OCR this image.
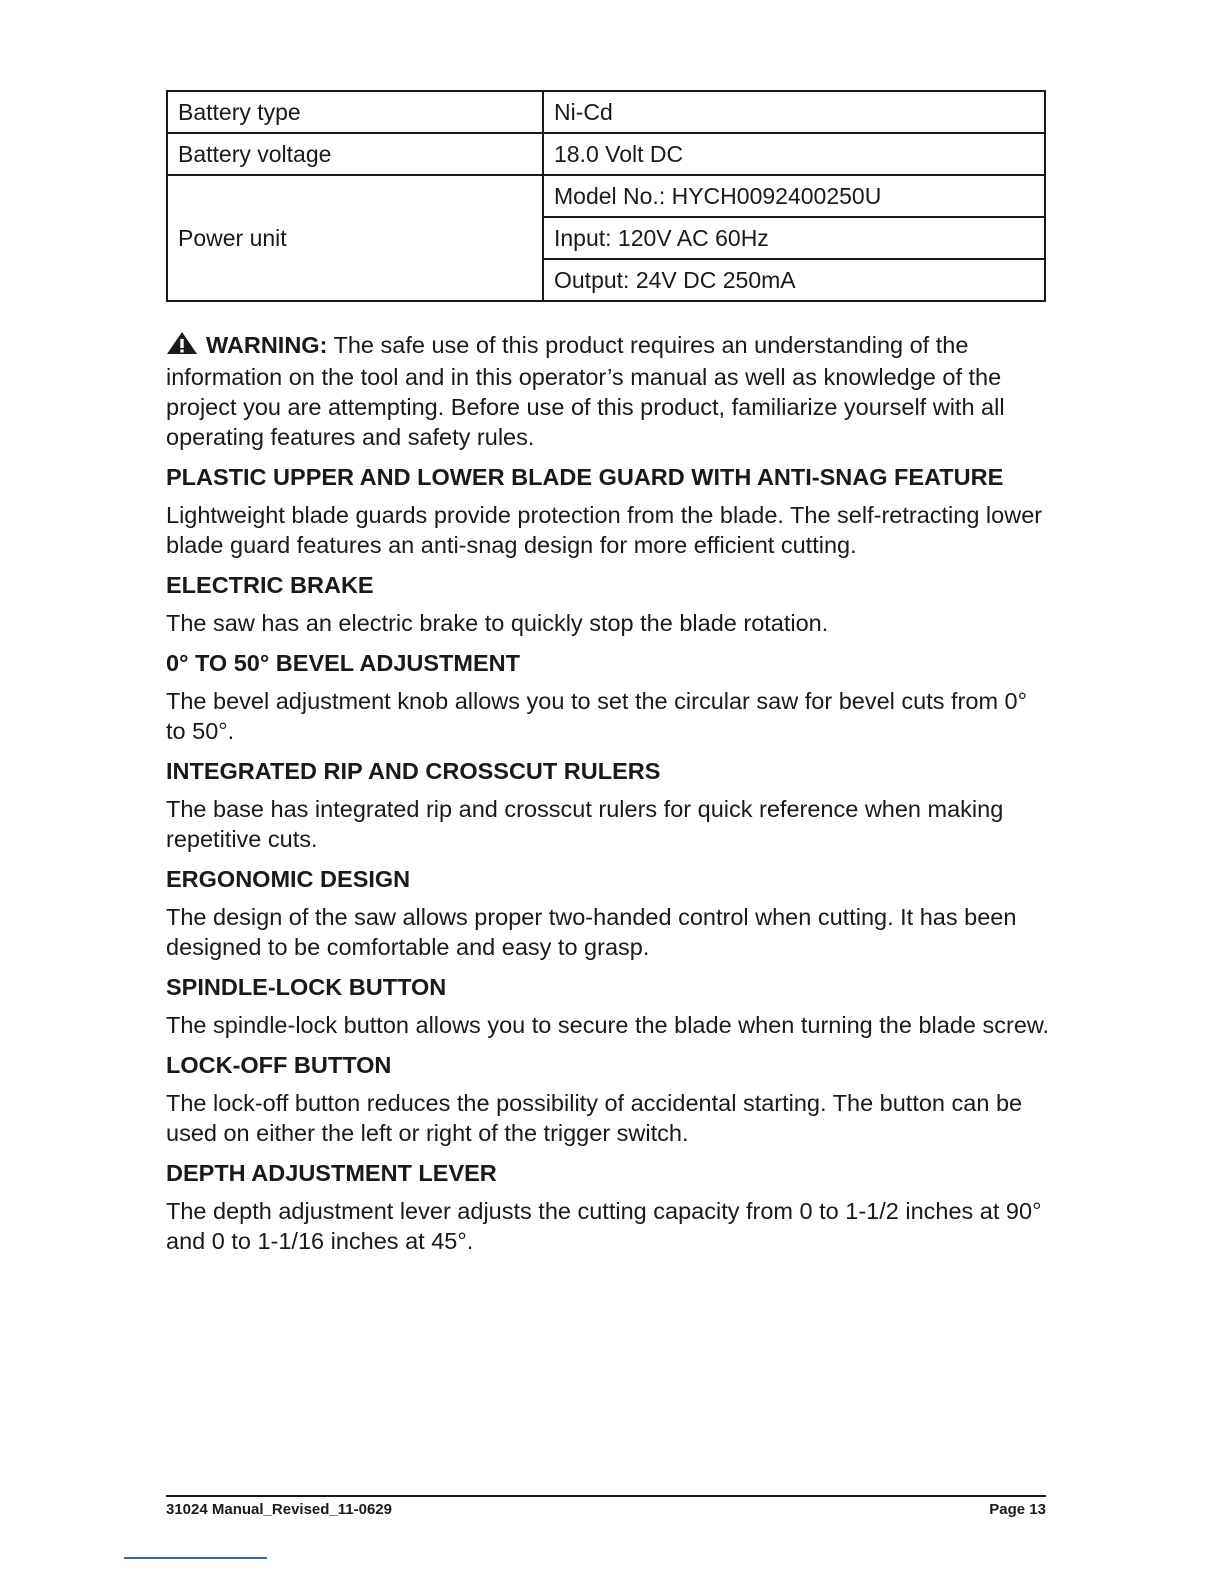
Battery type	Ni-Cd
Battery voltage	18.0 Volt DC
Power unit	Model No.: HYCH0092400250U
	Input: 120V AC 60Hz
	Output: 24V DC 250mA

WARNING: The safe use of this product requires an understanding of the information on the tool and in this operator’s manual as well as knowledge of the project you are attempting. Before use of this product, familiarize yourself with all operating features and safety rules.

PLASTIC UPPER AND LOWER BLADE GUARD WITH ANTI-SNAG FEATURE

Lightweight blade guards provide protection from the blade. The self-retracting lower blade guard features an anti-snag design for more efficient cutting.

ELECTRIC BRAKE

The saw has an electric brake to quickly stop the blade rotation.

0° TO 50° BEVEL ADJUSTMENT

The bevel adjustment knob allows you to set the circular saw for bevel cuts from 0° to 50°.

INTEGRATED RIP AND CROSSCUT RULERS

The base has integrated rip and crosscut rulers for quick reference when making repetitive cuts.

ERGONOMIC DESIGN

The design of the saw allows proper two-handed control when cutting. It has been designed to be comfortable and easy to grasp.

SPINDLE-LOCK BUTTON

The spindle-lock button allows you to secure the blade when turning the blade screw.

LOCK-OFF BUTTON

The lock-off button reduces the possibility of accidental starting. The button can be used on either the left or right of the trigger switch.

DEPTH ADJUSTMENT LEVER

The depth adjustment lever adjusts the cutting capacity from 0 to 1-1/2 inches at 90° and 0 to 1-1/16 inches at 45°.

31024 Manual_Revised_11-0629	Page 13
